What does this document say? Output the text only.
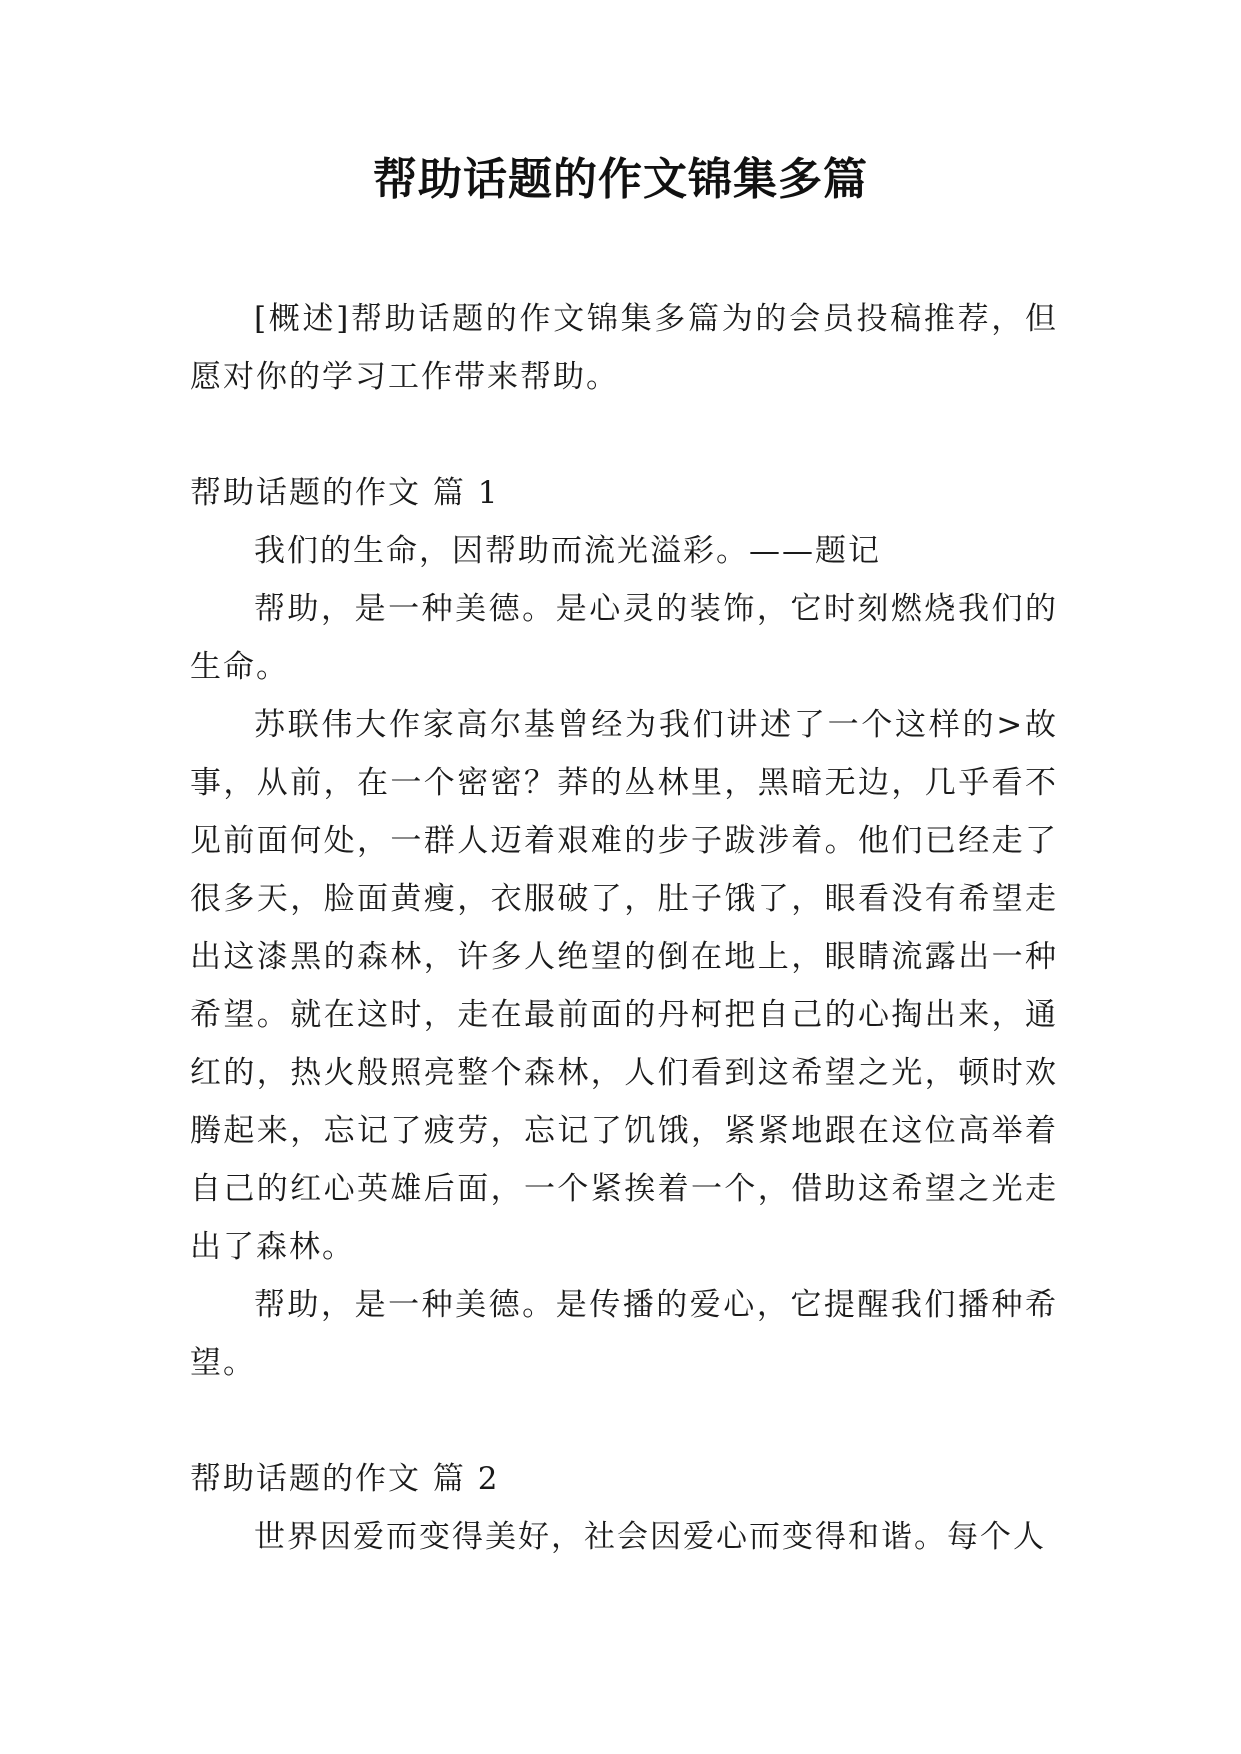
帮助话题的作文锦集多篇

[概述]帮助话题的作文锦集多篇为的会员投稿推荐，但愿对你的学习工作带来帮助。

帮助话题的作文 篇 1

我们的生命，因帮助而流光溢彩。——题记

帮助，是一种美德。是心灵的装饰，它时刻燃烧我们的生命。

苏联伟大作家高尔基曾经为我们讲述了一个这样的>故事，从前，在一个密密？莽的丛林里，黑暗无边，几乎看不见前面何处，一群人迈着艰难的步子跋涉着。他们已经走了很多天，脸面黄瘦，衣服破了，肚子饿了，眼看没有希望走出这漆黑的森林，许多人绝望的倒在地上，眼睛流露出一种希望。就在这时，走在最前面的丹柯把自己的心掏出来，通红的，热火般照亮整个森林，人们看到这希望之光，顿时欢腾起来，忘记了疲劳，忘记了饥饿，紧紧地跟在这位高举着自己的红心英雄后面，一个紧挨着一个，借助这希望之光走出了森林。

帮助，是一种美德。是传播的爱心，它提醒我们播种希望。

帮助话题的作文 篇 2

世界因爱而变得美好，社会因爱心而变得和谐。每个人
